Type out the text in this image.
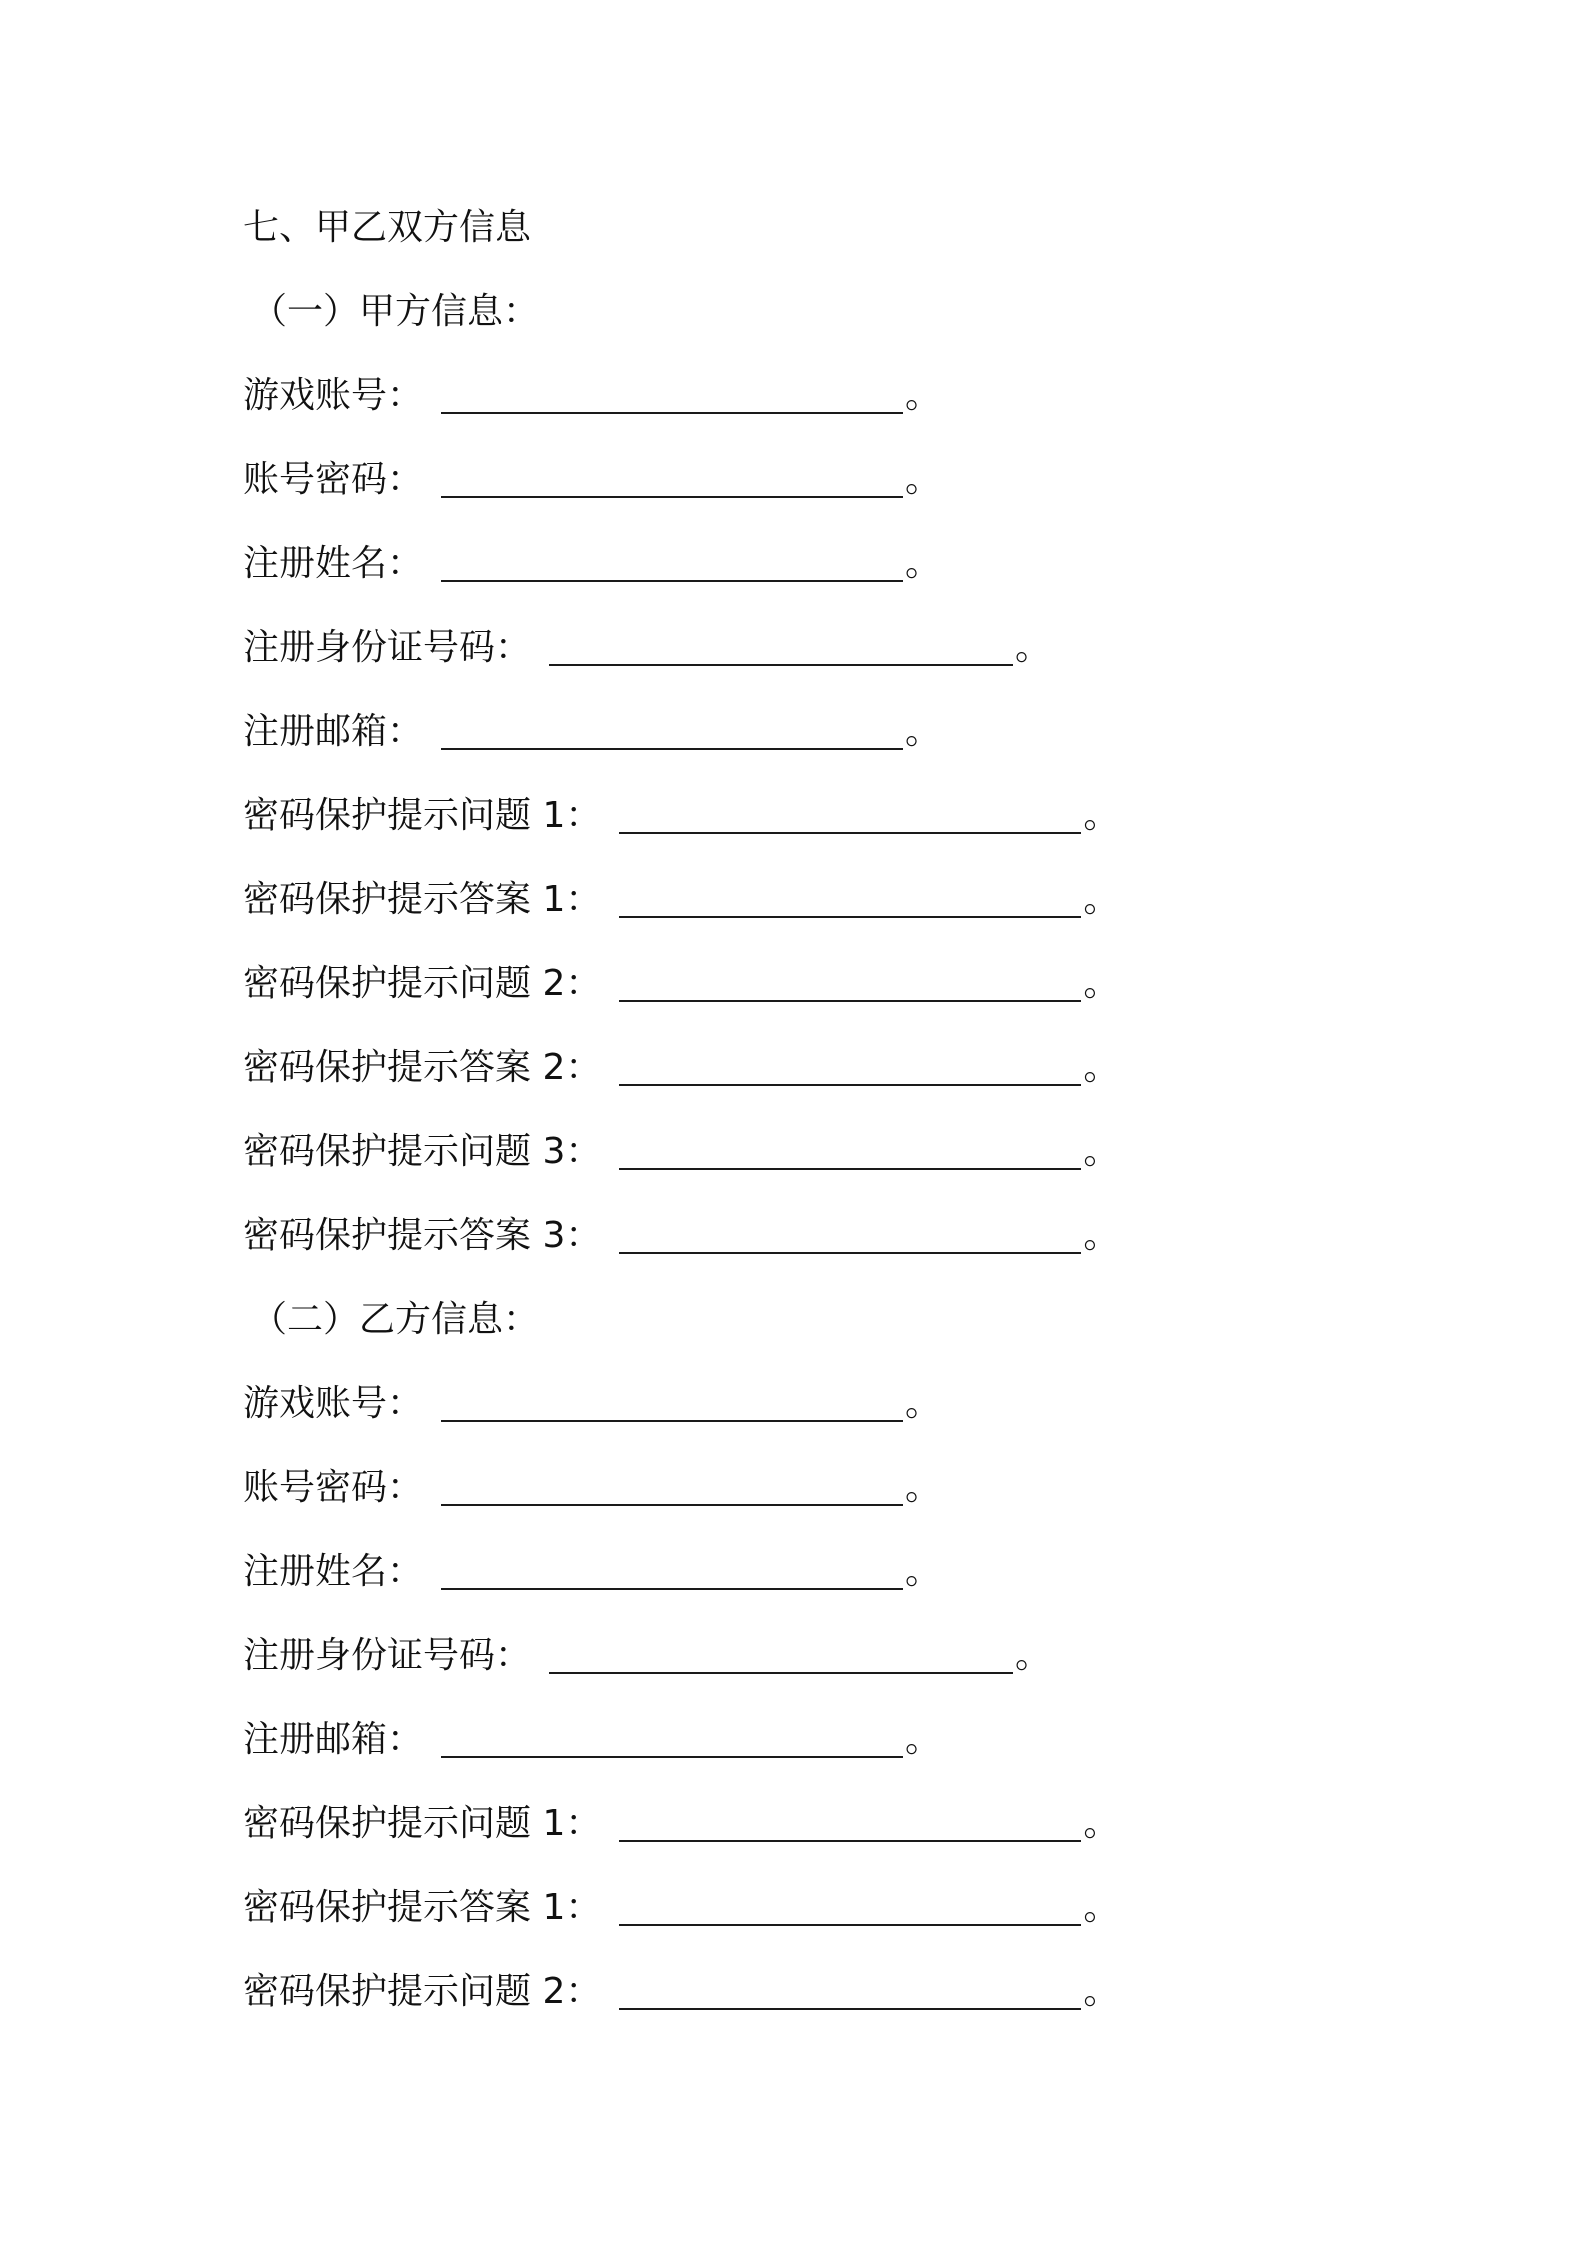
七、甲乙双方信息
（一）甲方信息：
游戏账号：	。
账号密码：	。
注册姓名：	。
注册身份证号码：	。
注册邮箱：	。
密码保护提示问题 1：	。
密码保护提示答案 1：	。
密码保护提示问题 2：	。
密码保护提示答案 2：	。
密码保护提示问题 3：	。
密码保护提示答案 3：	。
（二）乙方信息：
游戏账号：	。
账号密码：	。
注册姓名：	。
注册身份证号码：	。
注册邮箱：	。
密码保护提示问题 1：	。
密码保护提示答案 1：	。
密码保护提示问题 2：	。
